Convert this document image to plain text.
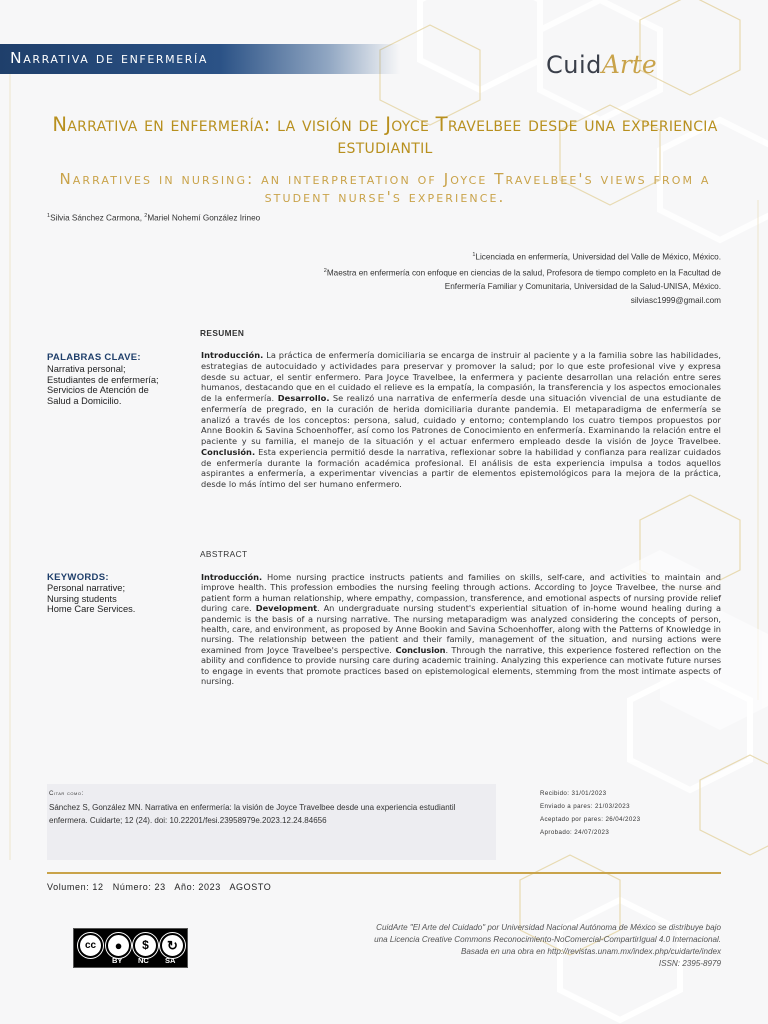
Narrativa de enfermería	CuidArte
Narrativa en enfermería: la visión de Joyce Travelbee desde una experiencia estudiantil
Narratives in nursing: an interpretation of Joyce Travelbee's views from a student nurse's experience.
$^1$Silvia Sánchez Carmona, $^2$Mariel Nohemí González Irineo
$^1$Licenciada en enfermería, Universidad del Valle de México, México.
$^2$Maestra en enfermería con enfoque en ciencias de la salud, Profesora de tiempo completo en la Facultad de
Enfermería Familiar y Comunitaria, Universidad de la Salud-UNISA, México.
silviasc1999@gmail.com
RESUMEN
PALABRAS CLAVE:
Narrativa personal;
Estudiantes de enfermería;
Servicios de Atención de
Salud a Domicilio.
Introducción. La práctica de enfermería domiciliaria se encarga de instruir al paciente y a la familia sobre las habilidades, estrategias de autocuidado y actividades para preservar y promover la salud; por lo que este profesional vive y expresa desde su actuar, el sentir enfermero. Para Joyce Travelbee, la enfermera y paciente desarrollan una relación entre seres humanos, destacando que en el cuidado el relieve es la empatía, la compasión, la transferencia y los aspectos emocionales de la enfermería. Desarrollo. Se realizó una narrativa de enfermería desde una situación vivencial de una estudiante de enfermería de pregrado, en la curación de herida domiciliaria durante pandemia. El metaparadigma de enfermería se analizó a través de los conceptos: persona, salud, cuidado y entorno; contemplando los cuatro tiempos propuestos por Anne Bookin & Savina Schoenhoffer, así como los Patrones de Conocimiento en enfermería. Examinando la relación entre el paciente y su familia, el manejo de la situación y el actuar enfermero empleado desde la visión de Joyce Travelbee. Conclusión. Esta experiencia permitió desde la narrativa, reflexionar sobre la habilidad y confianza para realizar cuidados de enfermería durante la formación académica profesional. El análisis de esta experiencia impulsa a todos aquellos aspirantes a enfermería, a experimentar vivencias a partir de elementos epistemológicos para la mejora de la práctica, desde lo más íntimo del ser humano enfermero.
ABSTRACT
KEYWORDS:
Personal narrative;
Nursing students
Home Care Services.
Introducción. Home nursing practice instructs patients and families on skills, self-care, and activities to maintain and improve health. This profession embodies the nursing feeling through actions. According to Joyce Travelbee, the nurse and patient form a human relationship, where empathy, compassion, transference, and emotional aspects of nursing provide relief during care. Development. An undergraduate nursing student's experiential situation of in-home wound healing during a pandemic is the basis of a nursing narrative. The nursing metaparadigm was analyzed considering the concepts of person, health, care, and environment, as proposed by Anne Bookin and Savina Schoenhoffer, along with the Patterns of Knowledge in nursing. The relationship between the patient and their family, management of the situation, and nursing actions were examined from Joyce Travelbee's perspective. Conclusion. Through the narrative, this experience fostered reflection on the ability and confidence to provide nursing care during academic training. Analyzing this experience can motivate future nurses to engage in events that promote practices based on epistemological elements, stemming from the most intimate aspects of nursing.
Citar como:
Sánchez S, González MN. Narrativa en enfermería: la visión de Joyce Travelbee desde una experiencia estudiantil enfermera. Cuidarte; 12 (24). doi: 10.22201/fesi.23958979e.2023.12.24.84656
Recibido: 31/01/2023
Enviado a pares: 21/03/2023
Aceptado por pares: 26/04/2023
Aprobado: 24/07/2023
Volumen: 12 Número: 23 Año: 2023 AGOSTO
cc	●	$	↻
BY NC SA
CuidArte "El Arte del Cuidado" por Universidad Nacional Autónoma de México se distribuye bajo
una Licencia Creative Commons Reconocimiento-NoComercial-CompartirIgual 4.0 Internacional.
Basada en una obra en http://revistas.unam.mx/index.php/cuidarte/index
ISSN: 2395-8979
